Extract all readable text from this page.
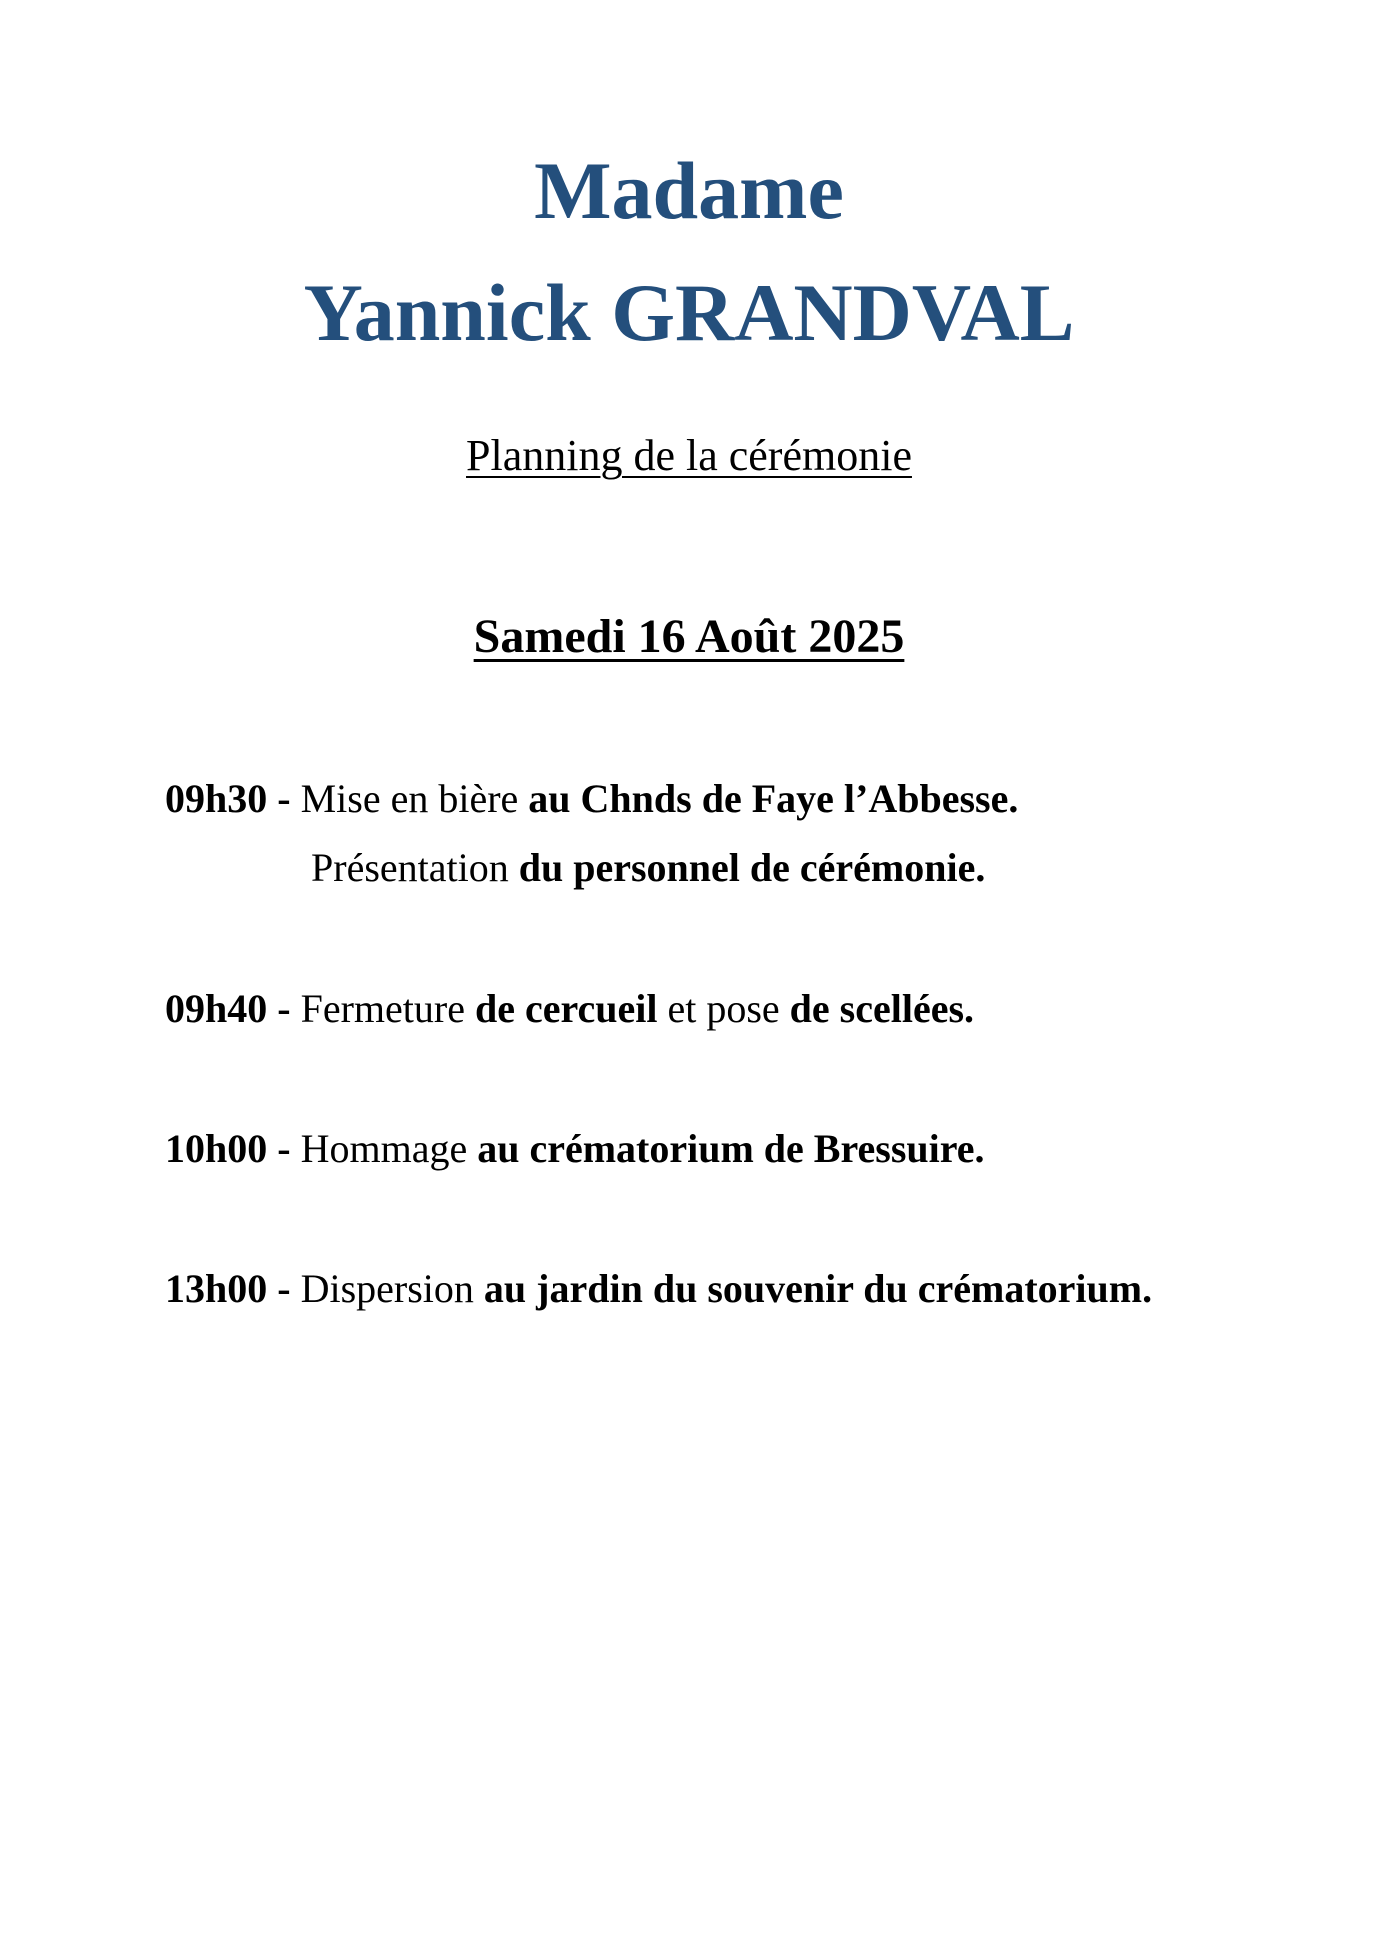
Madame
Yannick GRANDVAL
Planning de la cérémonie
Samedi 16 Août 2025
09h30 - Mise en bière au Chnds de Faye l’Abbesse.
Présentation du personnel de cérémonie.
09h40 - Fermeture de cercueil et pose de scellées.
10h00 - Hommage au crématorium de Bressuire.
13h00 - Dispersion au jardin du souvenir du crématorium.
